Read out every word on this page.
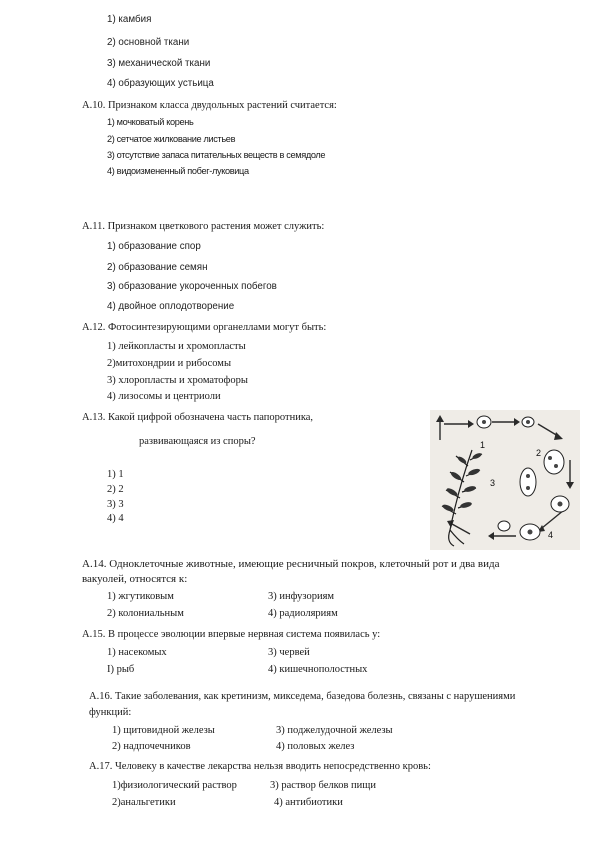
1) камбия
2) основной ткани
3) механической ткани
4) образующих устьица
А.10. Признаком класса двудольных растений считается:
1) мочковатый корень
2) сетчатое жилкование листьев
3) отсутствие запаса питательных веществ в семядоле
4) видоизмененный побег-луковица
А.11. Признаком цветкового растения может служить:
1) образование спор
2) образование семян
3) образование укороченных побегов
4) двойное оплодотворение
А.12. Фотосинтезирующими органеллами могут быть:
1) лейкопласты и хромопласты
2)митохондрии и рибосомы
3) хлоропласты и хроматофоры
4) лизосомы и центриоли
А.13. Какой цифрой обозначена часть папоротника,
развивающаяся из споры?
1) 1
2) 2
3) 3
4) 4
1
2
3
4
А.14. Одноклеточные животные, имеющие ресничный покров, клеточный рот и два вида
вакуолей, относятся к:
1) жгутиковым	3) инфузориям
2) колониальным	4) радиоляриям
А.15. В процессе эволюции впервые нервная система появилась у:
1) насекомых	3) червей
I) рыб	4) кишечнополостных
А.16. Такие заболевания, как кретинизм, микседема, базедова болезнь, связаны с нарушениями
функций:
1) щитовидной железы	3) поджелудочной железы
2) надпочечников	4) половых желез
А.17. Человеку в качестве лекарства нельзя вводить непосредственно кровь:
1)физиологический раствор	3) раствор белков пищи
2)анальгетики	4) антибиотики
